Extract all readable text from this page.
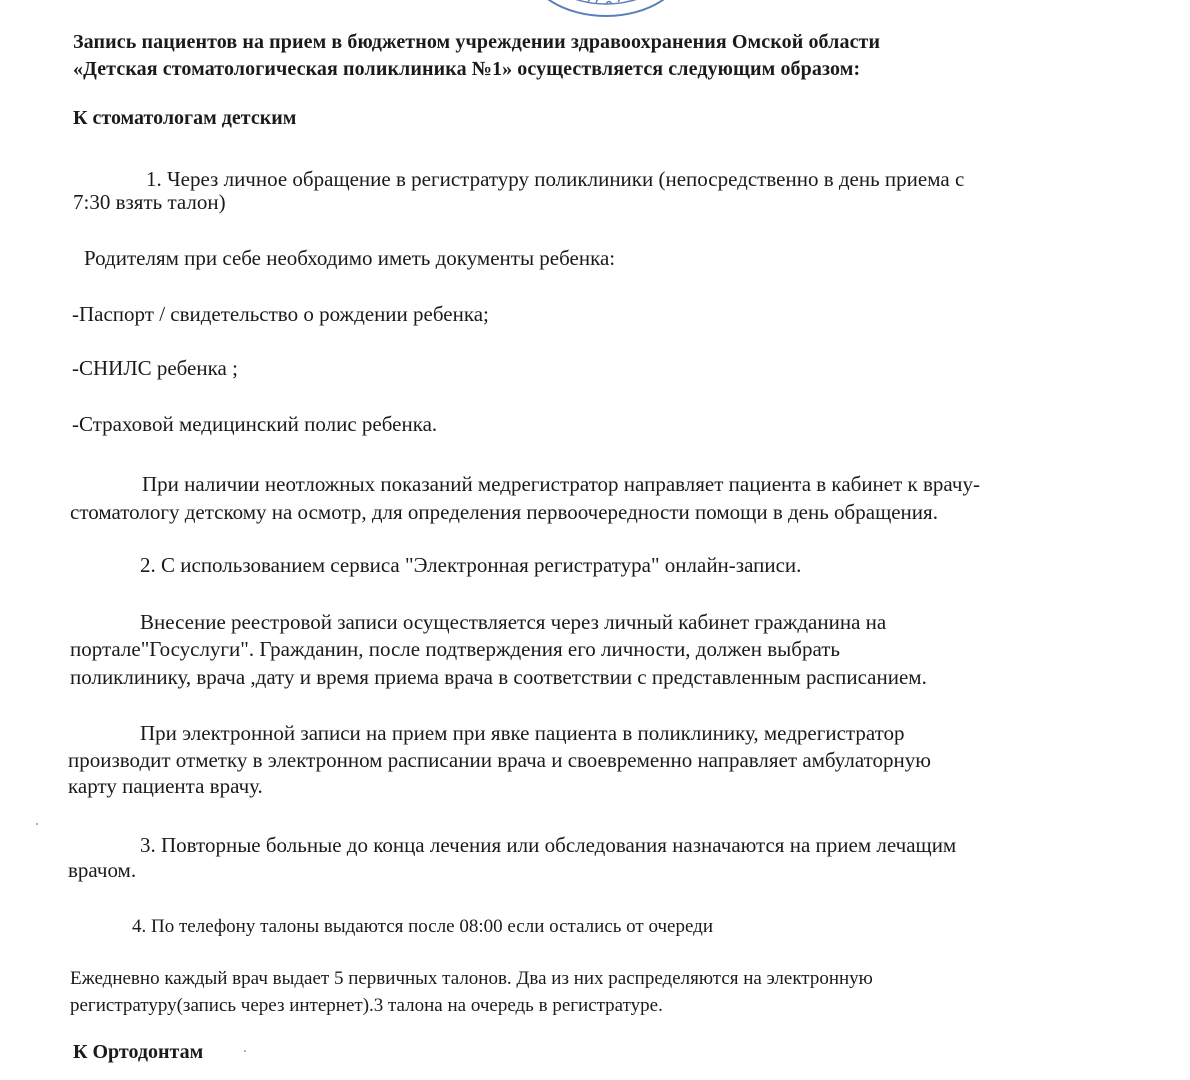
Запись пациентов на прием в бюджетном учреждении здравоохранения Омской области
«Детская стоматологическая поликлиника №1» осуществляется следующим образом:
К стоматологам детским
1. Через личное обращение в регистратуру поликлиники (непосредственно в день приема с
7:30 взять талон)
Родителям при себе необходимо иметь документы ребенка:
-Паспорт / свидетельство о рождении ребенка;
-СНИЛС ребенка ;
-Страховой медицинский полис ребенка.
При наличии неотложных показаний медрегистратор направляет пациента в кабинет к врачу-
стоматологу детскому на осмотр, для определения первоочередности помощи в день обращения.
2. С использованием сервиса "Электронная регистратура" онлайн-записи.
Внесение реестровой записи осуществляется через личный кабинет гражданина на
портале"Госуслуги". Гражданин, после подтверждения его личности, должен выбрать
поликлинику, врача ,дату и время приема врача в соответствии с представленным расписанием.
При электронной записи на прием при явке пациента в поликлинику, медрегистратор
производит отметку в электронном расписании врача и своевременно направляет амбулаторную
карту пациента врачу.
3. Повторные больные до конца лечения или обследования назначаются на прием лечащим
врачом.
4. По телефону талоны выдаются после 08:00 если остались от очереди
Ежедневно каждый врач выдает 5 первичных талонов. Два из них распределяются на электронную
регистратуру(запись через интернет).3 талона на очередь в регистратуре.
К Ортодонтам
